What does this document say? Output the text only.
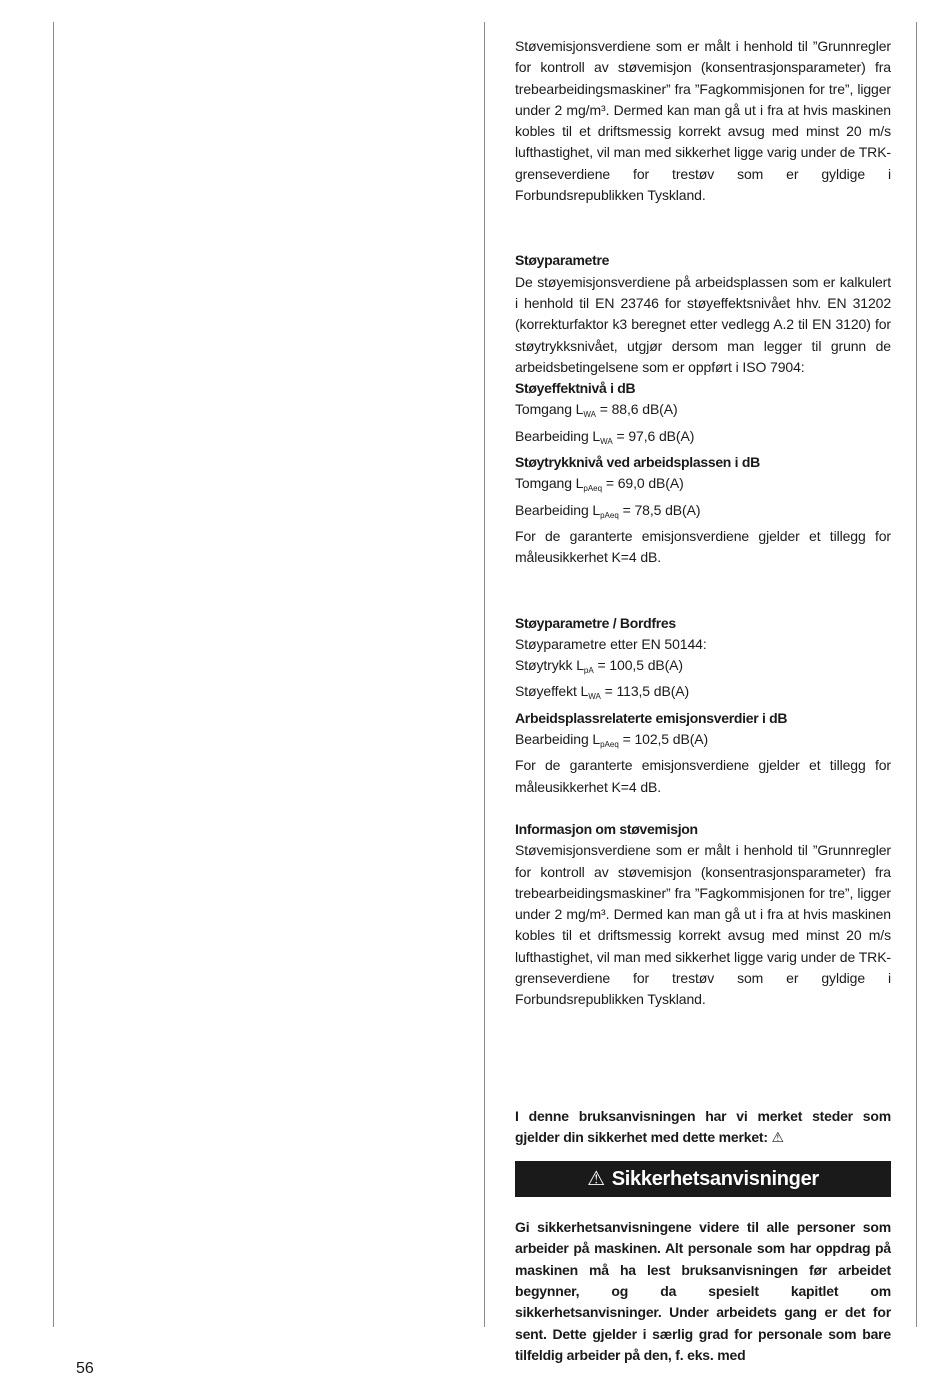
Støvemisjonsverdiene som er målt i henhold til ”Grunnregler for kontroll av støvemisjon (konsentrasjonsparameter) fra trebearbeidingsmaskiner” fra ”Fagkommisjonen for tre”, ligger under 2 mg/m³. Dermed kan man gå ut i fra at hvis maskinen kobles til et driftsmessig korrekt avsug med minst 20 m/s lufthastighet, vil man med sikkerhet ligge varig under de TRK-grenseverdiene for trestøv som er gyldige i Forbundsrepublikken Tyskland.

Støyparametre

De støyemisjonsverdiene på arbeidsplassen som er kalkulert i henhold til EN 23746 for støyeffektsnivået hhv. EN 31202 (korrekturfaktor k3 beregnet etter vedlegg A.2 til EN 3120) for støytrykksnivået, utgjør dersom man legger til grunn de arbeidsbetingelsene som er oppført i ISO 7904:

Støyeffektnivå i dB

Tomgang $L_{WA} = 88,6$ dB(A)
Bearbeiding $L_{WA} = 97,6$ dB(A)

Støytrykknivå ved arbeidsplassen i dB

Tomgang $L_{pAeq} = 69,0$ dB(A)
Bearbeiding $L_{pAeq} = 78,5$ dB(A)

For de garanterte emisjonsverdiene gjelder et tillegg for måleusikkerhet K=4 dB.

Støyparametre / Bordfres

Støyparametre etter EN 50144:
Støytrykk $L_{pA} = 100,5$ dB(A)
Støyeffekt $L_{WA} = 113,5$ dB(A)

Arbeidsplassrelaterte emisjonsverdier i dB

Bearbeiding $L_{pAeq} = 102,5$ dB(A)

For de garanterte emisjonsverdiene gjelder et tillegg for måleusikkerhet K=4 dB.

Informasjon om støvemisjon

Støvemisjonsverdiene som er målt i henhold til ”Grunnregler for kontroll av støvemisjon (konsentrasjonsparameter) fra trebearbeidingsmaskiner” fra ”Fagkommisjonen for tre”, ligger under 2 mg/m³. Dermed kan man gå ut i fra at hvis maskinen kobles til et driftsmessig korrekt avsug med minst 20 m/s lufthastighet, vil man med sikkerhet ligge varig under de TRK-grenseverdiene for trestøv som er gyldige i Forbundsrepublikken Tyskland.

I denne bruksanvisningen har vi merket steder som gjelder din sikkerhet med dette merket: ⚠

⚠ Sikkerhetsanvisninger

Gi sikkerhetsanvisningene videre til alle personer som arbeider på maskinen. Alt personale som har oppdrag på maskinen må ha lest bruksanvisningen før arbeidet begynner, og da spesielt kapitlet om sikkerhetsanvisninger. Under arbeidets gang er det for sent. Dette gjelder i særlig grad for personale som bare tilfeldig arbeider på den, f. eks. med

56
